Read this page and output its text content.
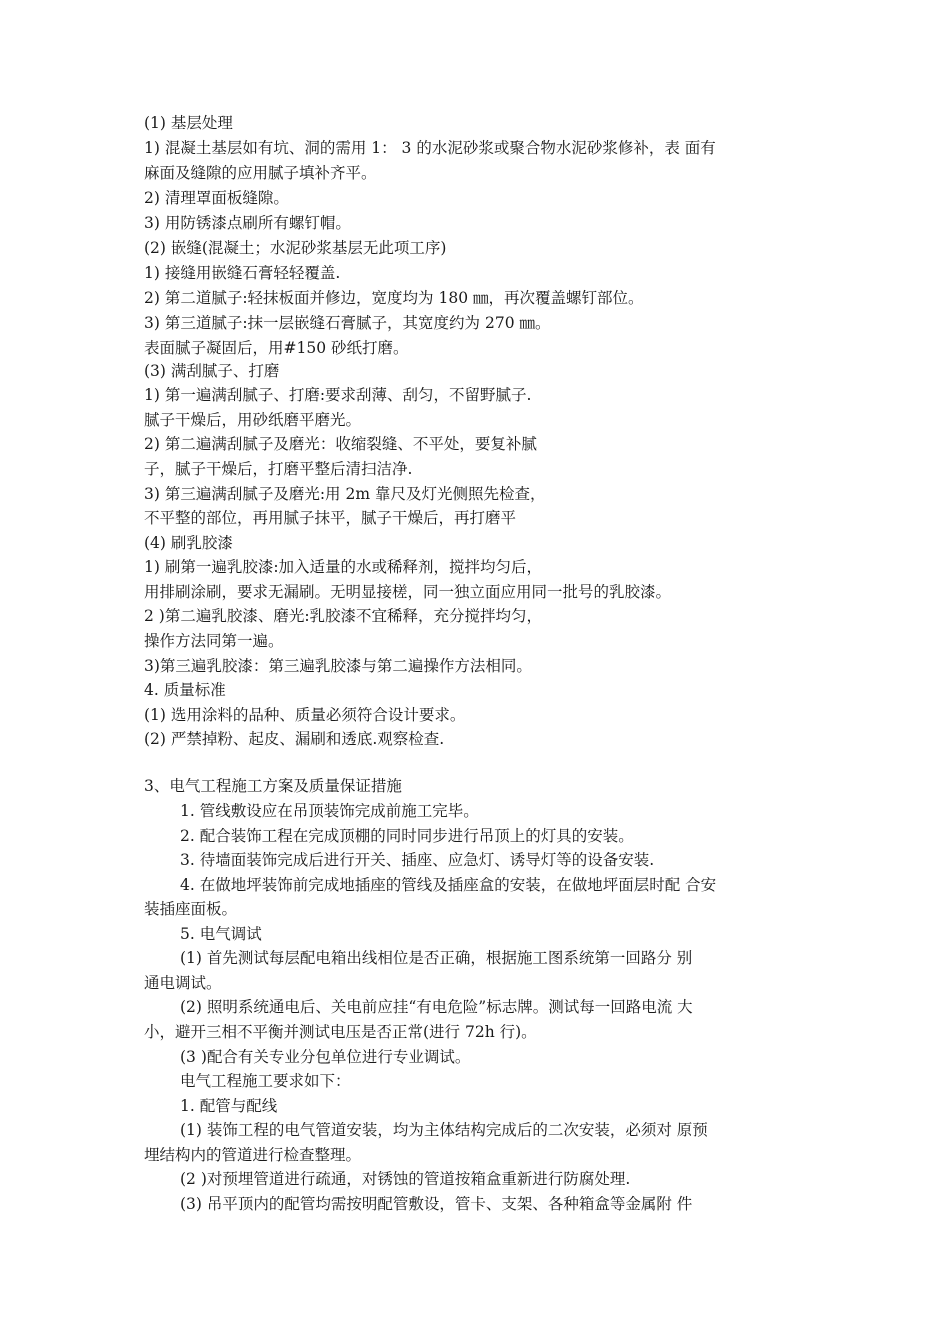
(1) 基层处理
1) 混凝土基层如有坑、洞的需用 1： 3 的水泥砂浆或聚合物水泥砂浆修补，表 面有
麻面及缝隙的应用腻子填补齐平。
2) 清理罩面板缝隙。
3) 用防锈漆点刷所有螺钉帽。
(2) 嵌缝(混凝土；水泥砂浆基层无此项工序)
1) 接缝用嵌缝石膏轻轻覆盖.
2) 第二道腻子:轻抹板面并修边，宽度均为 180 ㎜，再次覆盖螺钉部位。
3) 第三道腻子:抹一层嵌缝石膏腻子，其宽度约为 270 ㎜。
表面腻子凝固后，用#150 砂纸打磨。
(3) 满刮腻子、打磨
1) 第一遍满刮腻子、打磨:要求刮薄、刮匀，不留野腻子.
腻子干燥后，用砂纸磨平磨光。
2) 第二遍满刮腻子及磨光：收缩裂缝、不平处，要复补腻
子，腻子干燥后，打磨平整后清扫洁净.
3) 第三遍满刮腻子及磨光:用 2m 靠尺及灯光侧照先检查，
不平整的部位，再用腻子抹平，腻子干燥后，再打磨平
(4) 刷乳胶漆
1) 刷第一遍乳胶漆:加入适量的水或稀释剂，搅拌均匀后，
用排刷涂刷，要求无漏刷。无明显接槎，同一独立面应用同一批号的乳胶漆。
2 )第二遍乳胶漆、磨光:乳胶漆不宜稀释，充分搅拌均匀，
操作方法同第一遍。
3)第三遍乳胶漆：第三遍乳胶漆与第二遍操作方法相同。
4. 质量标准
(1) 选用涂料的品种、质量必须符合设计要求。
(2) 严禁掉粉、起皮、漏刷和透底.观察检查.
3、电气工程施工方案及质量保证措施
1. 管线敷设应在吊顶装饰完成前施工完毕。
2. 配合装饰工程在完成顶棚的同时同步进行吊顶上的灯具的安装。
3. 待墙面装饰完成后进行开关、插座、应急灯、诱导灯等的设备安装.
4. 在做地坪装饰前完成地插座的管线及插座盒的安装，在做地坪面层时配 合安
装插座面板。
5. 电气调试
(1) 首先测试每层配电箱出线相位是否正确，根据施工图系统第一回路分 别
通电调试。
(2) 照明系统通电后、关电前应挂“有电危险”标志牌。测试每一回路电流 大
小，避开三相不平衡并测试电压是否正常(进行 72h 行)。
(3 )配合有关专业分包单位进行专业调试。
电气工程施工要求如下：
1. 配管与配线
(1) 装饰工程的电气管道安装，均为主体结构完成后的二次安装，必须对 原预
埋结构内的管道进行检查整理。
(2 )对预埋管道进行疏通，对锈蚀的管道按箱盒重新进行防腐处理.
(3) 吊平顶内的配管均需按明配管敷设，管卡、支架、各种箱盒等金属附 件
